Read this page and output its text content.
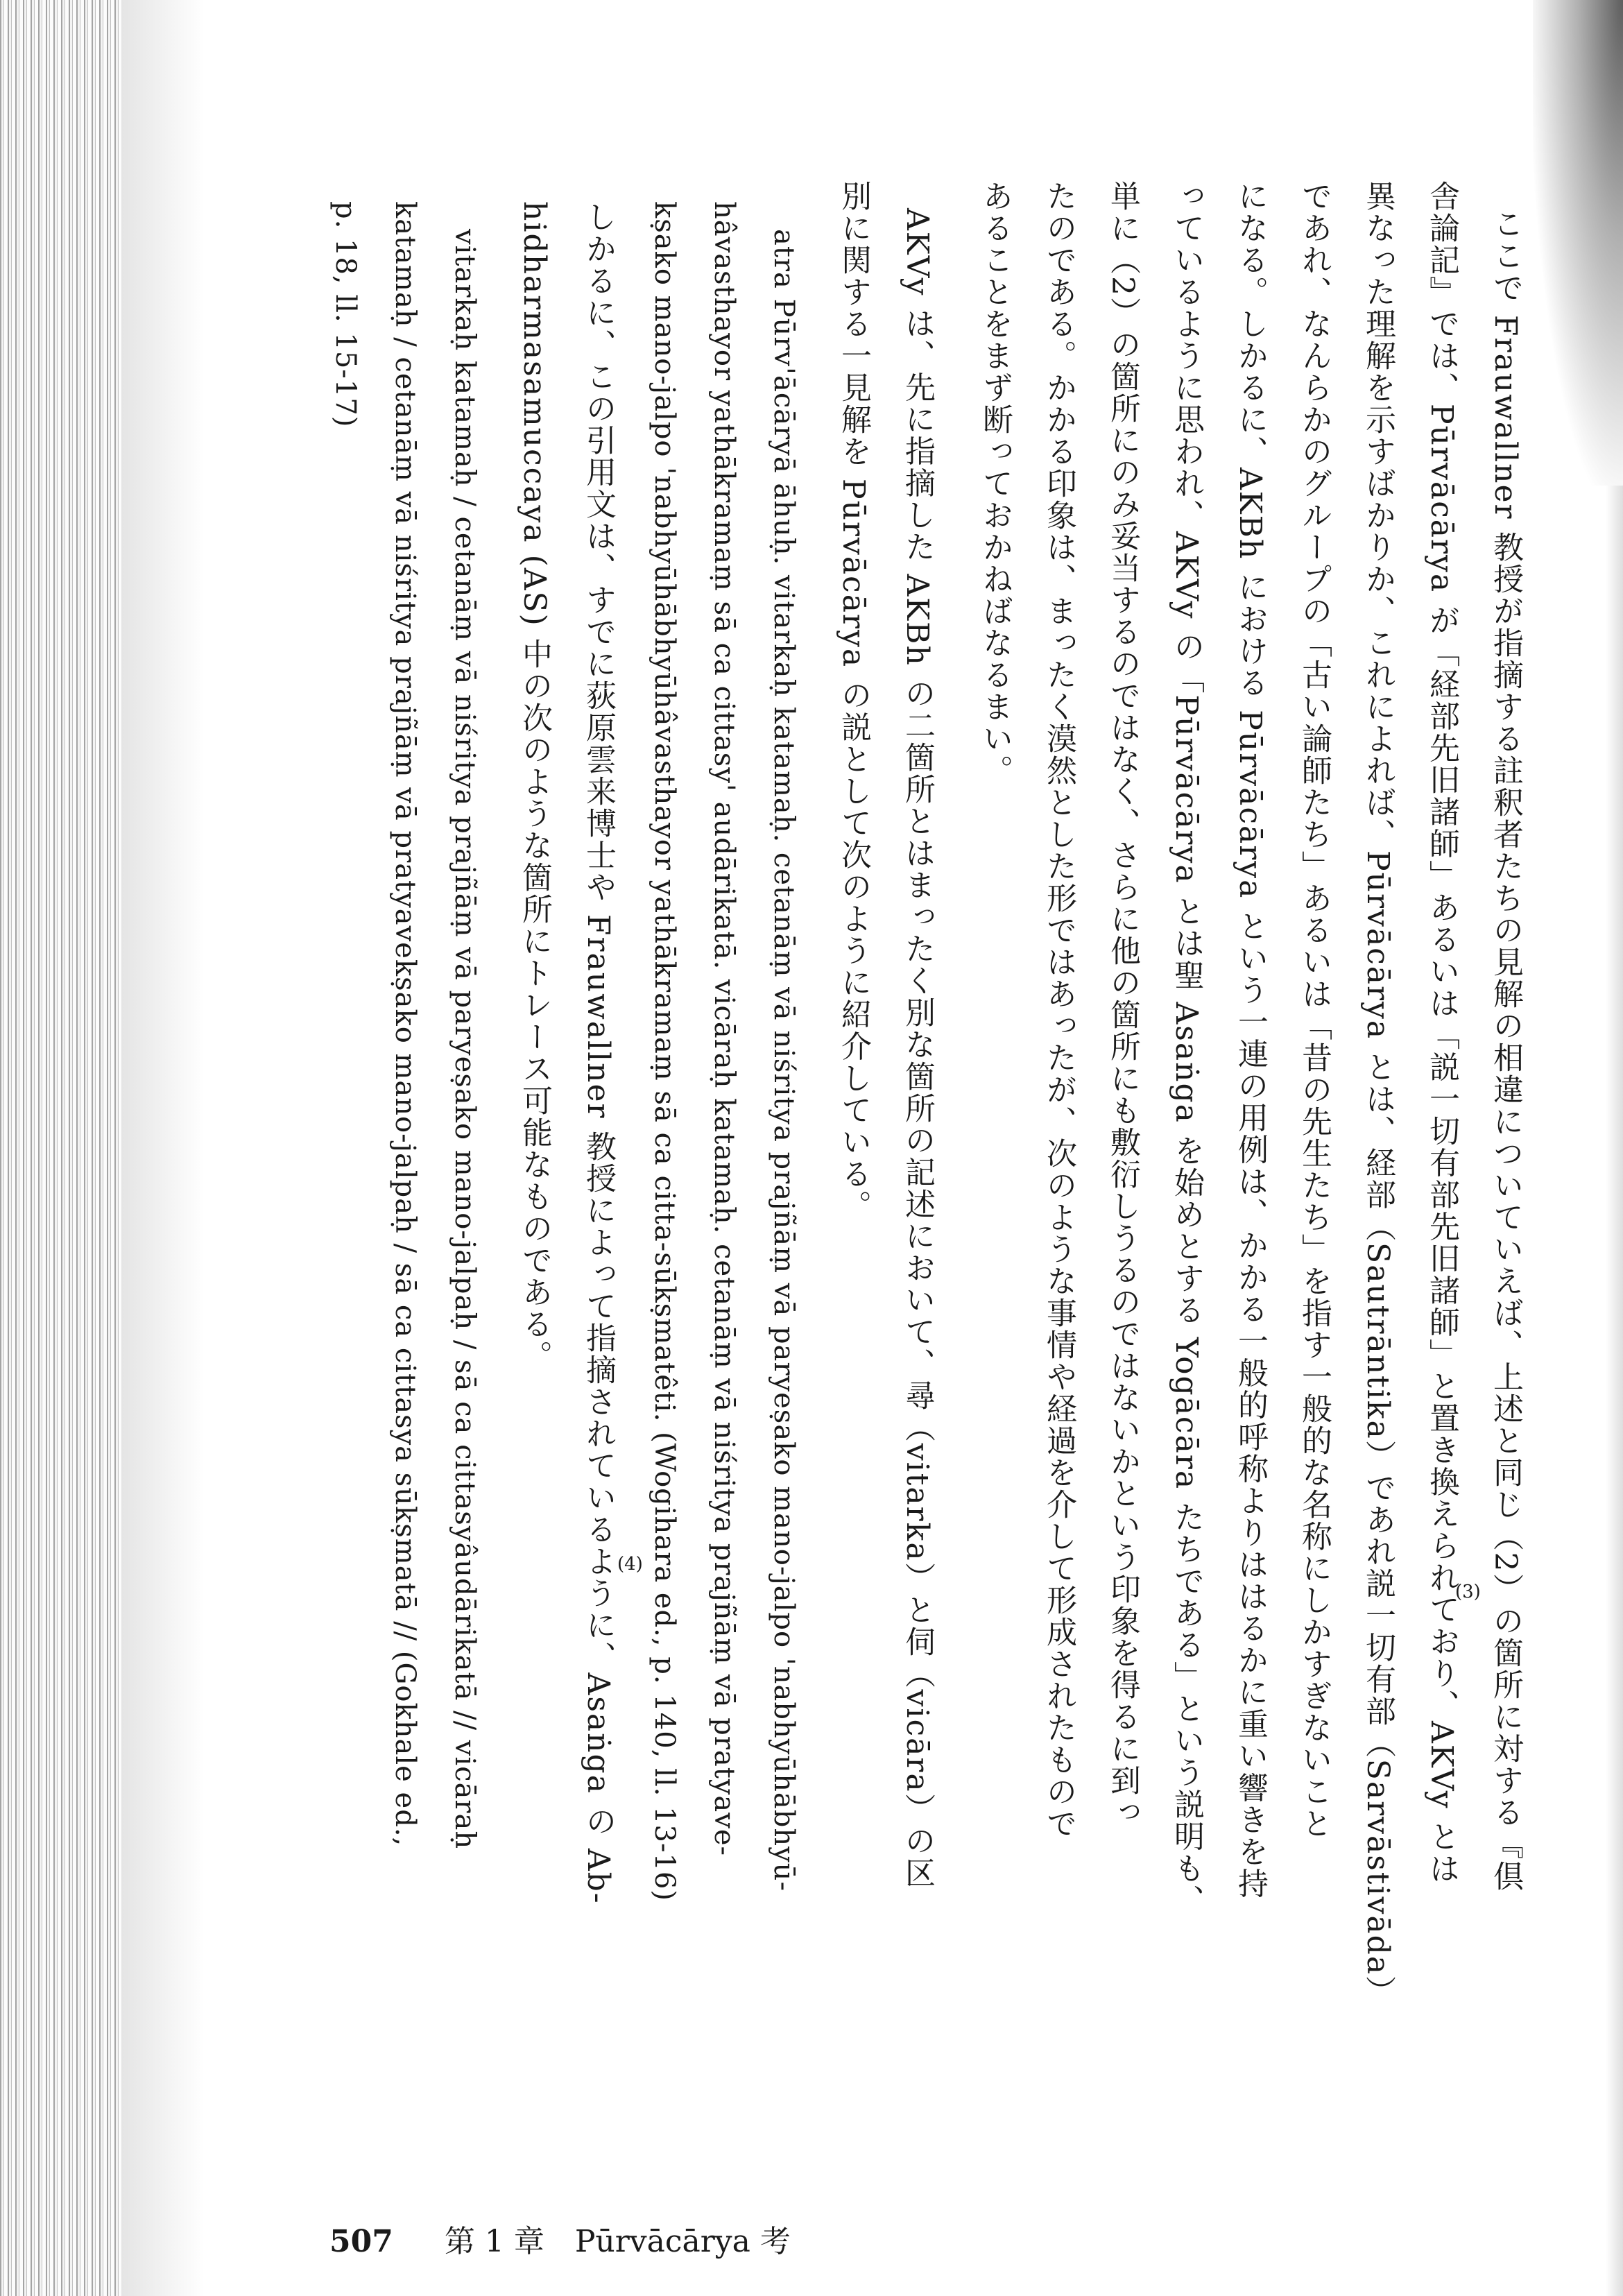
ここで Frauwallner 教授が指摘する註釈者たちの見解の相違についていえば、上述と同じ（2）の箇所に対する『倶
舎論記』では、Pūrvācārya が「経部先旧諸師」あるいは「説一切有部先旧諸師」と置き換えられており、AKVy とは
異なった理解を示すばかりか、これによれば、Pūrvācārya とは、経部（Sautrāntika）であれ説一切有部（Sarvāstivāda）
であれ、なんらかのグループの「古い論師たち」あるいは「昔の先生たち」を指す一般的な名称にしかすぎないこと
になる。しかるに、AKBh における Pūrvācārya という一連の用例は、かかる一般的呼称よりははるかに重い響きを持
っているように思われ、AKVy の「Pūrvācārya とは聖 Asaṅga を始めとする Yogācāra たちである」という説明も、
単に（2）の箇所にのみ妥当するのではなく、さらに他の箇所にも敷衍しうるのではないかという印象を得るに到っ
たのである。かかる印象は、まったく漠然とした形ではあったが、次のような事情や経過を介して形成されたもので
あることをまず断っておかねばなるまい。
AKVy は、先に指摘した AKBh の二箇所とはまったく別な箇所の記述において、尋（vitarka）と伺（vicāra）の区
別に関する一見解を Pūrvācārya の説として次のように紹介している。
atra Pūrv'ācāryā āhuḥ. vitarkaḥ katamaḥ. cetanāṃ vā niśritya prajñāṃ vā paryeṣako mano-jalpo 'nabhyūhābhyū-
hâvasthayor yathākramaṃ sā ca cittasy' audārikatā. vicāraḥ katamaḥ. cetanāṃ vā niśritya prajñāṃ vā pratyave-
kṣako mano-jalpo 'nabhyūhābhyūhâvasthayor yathākramaṃ sā ca citta-sūkṣmatêti. (Wogihara ed., p. 140, ll. 13-16)
しかるに、この引用文は、すでに荻原雲来博士や Frauwallner 教授によって指摘されているように、Asaṅga の Ab-
hidharmasamuccaya (AS) 中の次のような箇所にトレース可能なものである。
vitarkaḥ katamaḥ / cetanāṃ vā niśritya prajñāṃ vā paryeṣako mano-jalpaḥ / sā ca cittasyâudārikatā // vicāraḥ
katamaḥ / cetanāṃ vā niśritya prajñāṃ vā pratyavekṣako mano-jalpaḥ / sā ca cittasya sūkṣmatā // (Gokhale ed.,
p. 18, ll. 15-17)
(3)
(4)
507 第 1 章　Pūrvācārya 考
